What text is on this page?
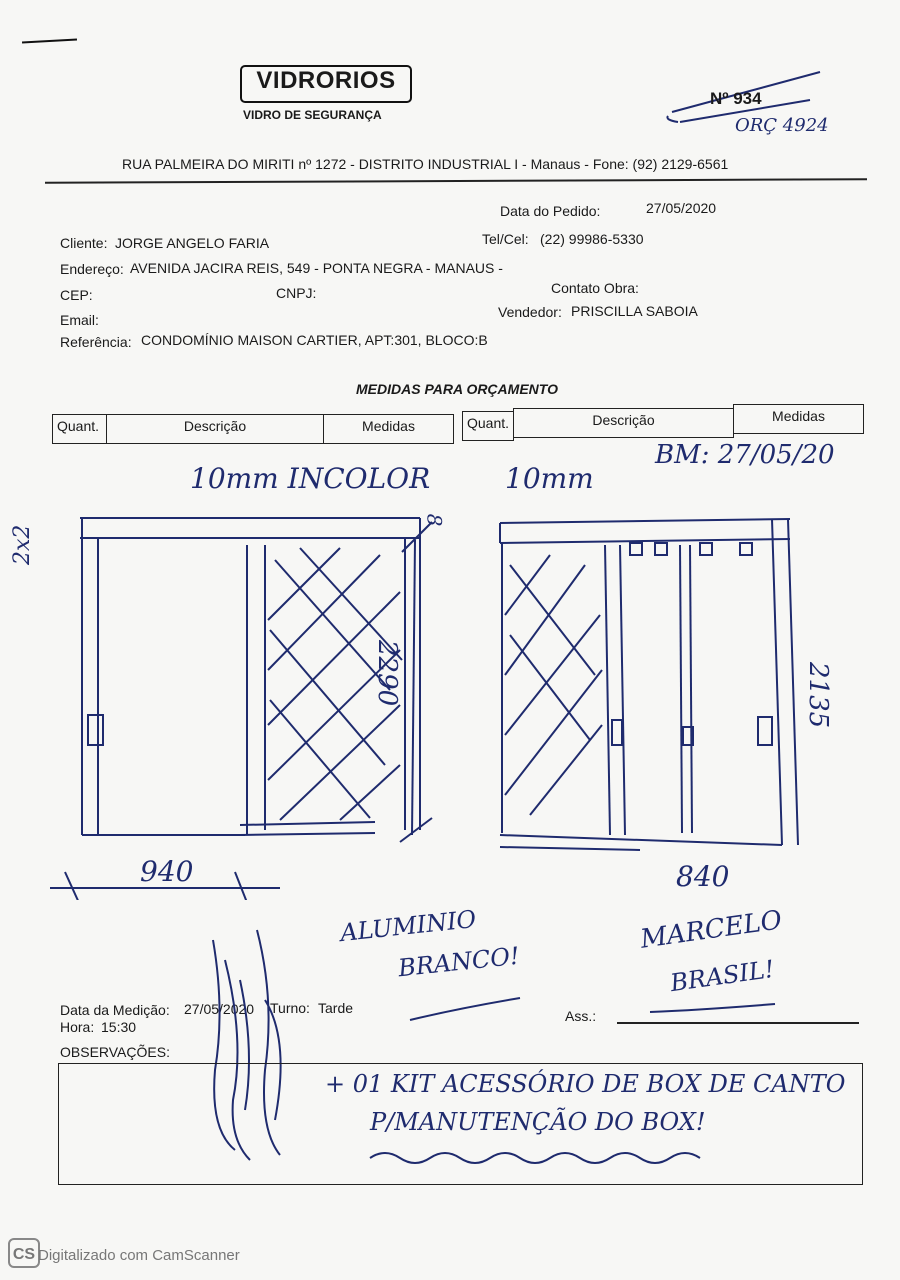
VIDRORIOS
VIDRO DE SEGURANÇA
Nº 934
ORÇ 4924
RUA PALMEIRA DO MIRITI nº 1272 - DISTRITO INDUSTRIAL I - Manaus - Fone: (92) 2129-6561
Data do Pedido:	27/05/2020
Cliente: JORGE ANGELO FARIA	Tel/Cel: (22) 99986-5330
Endereço: AVENIDA JACIRA REIS, 549 - PONTA NEGRA - MANAUS -
CEP:	CNPJ:	Contato Obra:
Email:	Vendedor: PRISCILLA SABOIA
Referência: CONDOMÍNIO MAISON CARTIER, APT:301, BLOCO:B
MEDIDAS PARA ORÇAMENTO
Quant.	Descrição	Medidas	Quant.	Descrição	Medidas
10mm INCOLOR
2x2
8
2290
940
ALUMINIO
BRANCO!
10mm
BM: 27/05/20
2135
840
MARCELO
BRASIL!
Data da Medição: 27/05/2020 Turno: Tarde
Hora: 15:30
Ass.:
OBSERVAÇÕES:
+ 01 KIT ACESSÓRIO DE BOX DE CANTO
P/MANUTENÇÃO DO BOX!
CS Digitalizado com CamScanner
